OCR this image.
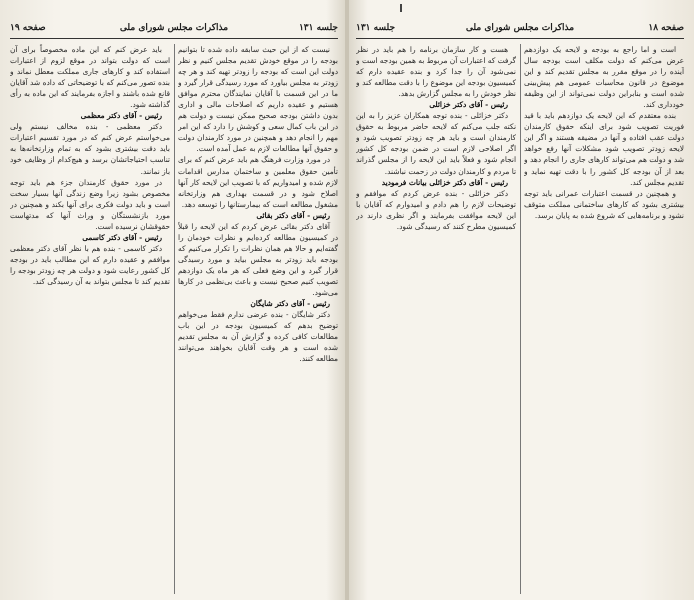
صفحه ۱۹	مذاکرات مجلس شورای ملی	جلسه ۱۳۱

نیست که از این حیث سابقه داده شده تا بتوانیم بودجه را در موقع خودش تقدیم مجلس کنیم و نظر دولت این است که بودجه را زودتر تهیه کند و هر چه زودتر به مجلس بیاورد که مورد رسیدگی قرار گیرد و ما در این قسمت با آقایان نمایندگان محترم موافق هستیم و عقیده داریم که اصلاحات مالی و اداری بدون داشتن بودجه صحیح ممکن نیست و دولت هم در این باب کمال سعی و کوشش را دارد که این امر مهم را انجام دهد و همچنین در مورد کارمندان دولت و حقوق آنها مطالعات لازم به عمل آمده است.

در مورد وزارت فرهنگ هم باید عرض کنم که برای تأمین حقوق معلمین و ساختمان مدارس اقدامات لازم شده و امیدواریم که با تصویب این لایحه کار آنها اصلاح شود و در قسمت بهداری هم وزارتخانه مشغول مطالعه است که بیمارستانها را توسعه دهد.

رئیس - آقای دکتر بقائی

آقای دکتر بقائی عرض کردم که این لایحه را قبلاً در کمیسیون مطالعه کرده‌ایم و نظرات خودمان را گفته‌ایم و حالا هم همان نظرات را تکرار می‌کنیم که بودجه باید زودتر به مجلس بیاید و مورد رسیدگی قرار گیرد و این وضع فعلی که هر ماه یک دوازدهم تصویب کنیم صحیح نیست و باعث بی‌نظمی در کارها می‌شود.

رئیس - آقای دکتر شایگان

دکتر شایگان - بنده عرضی ندارم فقط می‌خواهم توضیح بدهم که کمیسیون بودجه در این باب مطالعات کافی کرده و گزارش آن به مجلس تقدیم شده است و هر وقت آقایان بخواهند می‌توانند مطالعه کنند.

باید عرض کنم که این ماده مخصوصاً برای آن است که دولت بتواند در موقع لزوم از اعتبارات استفاده کند و کارهای جاری مملکت معطل نماند و بنده تصور می‌کنم که با توضیحاتی که داده شد آقایان قانع شده باشند و اجازه بفرمایند که این ماده به رأی گذاشته شود.

رئیس - آقای دکتر معظمی

دکتر معظمی - بنده مخالف نیستم ولی می‌خواستم عرض کنم که در مورد تقسیم اعتبارات باید دقت بیشتری بشود که به تمام وزارتخانه‌ها به تناسب احتیاجاتشان برسد و هیچ‌کدام از وظایف خود باز نمانند.

در مورد حقوق کارمندان جزء هم باید توجه مخصوص بشود زیرا وضع زندگی آنها بسیار سخت است و باید دولت فکری برای آنها بکند و همچنین در مورد بازنشستگان و وراث آنها که مدتهاست حقوقشان نرسیده است.

رئیس - آقای دکتر کاسمی

دکتر کاسمی - بنده هم با نظر آقای دکتر معظمی موافقم و عقیده دارم که این مطالب باید در بودجه کل کشور رعایت شود و دولت هر چه زودتر بودجه را تقدیم کند تا مجلس بتواند به آن رسیدگی کند.

جلسه ۱۳۱	مذاکرات مجلس شورای ملی	صفحه ۱۸

است و اما راجع به بودجه و لایحه یک دوازدهم عرض می‌کنم که دولت مکلف است بودجه سال آینده را در موقع مقرر به مجلس تقدیم کند و این موضوع در قانون محاسبات عمومی هم پیش‌بینی شده است و بنابراین دولت نمی‌تواند از این وظیفه خودداری کند.

بنده معتقدم که این لایحه یک دوازدهم باید با قید فوریت تصویب شود برای اینکه حقوق کارمندان دولت عقب افتاده و آنها در مضیقه هستند و اگر این لایحه زودتر تصویب شود مشکلات آنها رفع خواهد شد و دولت هم می‌تواند کارهای جاری را انجام دهد و بعد از آن بودجه کل کشور را با دقت تهیه نماید و تقدیم مجلس کند.

و همچنین در قسمت اعتبارات عمرانی باید توجه بیشتری بشود که کارهای ساختمانی مملکت متوقف نشود و برنامه‌هایی که شروع شده به پایان برسد.

هست و کار سازمان برنامه را هم باید در نظر گرفت که اعتبارات آن مربوط به همین بودجه است و نمی‌شود آن را جدا کرد و بنده عقیده دارم که کمیسیون بودجه این موضوع را با دقت مطالعه کند و نظر خودش را به مجلس گزارش بدهد.

رئیس - آقای دکتر خزائلی

دکتر خزائلی - بنده توجه همکاران عزیز را به این نکته جلب می‌کنم که لایحه حاضر مربوط به حقوق کارمندان است و باید هر چه زودتر تصویب شود و اگر اصلاحی لازم است در ضمن بودجه کل کشور انجام شود و فعلاً باید این لایحه را از مجلس گذراند تا مردم و کارمندان دولت در زحمت نباشند.

رئیس - آقای دکتر خزائلی بیانات فرمودید

دکتر خزائلی - بنده عرض کردم که موافقم و توضیحات لازم را هم دادم و امیدوارم که آقایان با این لایحه موافقت بفرمایند و اگر نظری دارند در کمیسیون مطرح کنند که رسیدگی شود.
